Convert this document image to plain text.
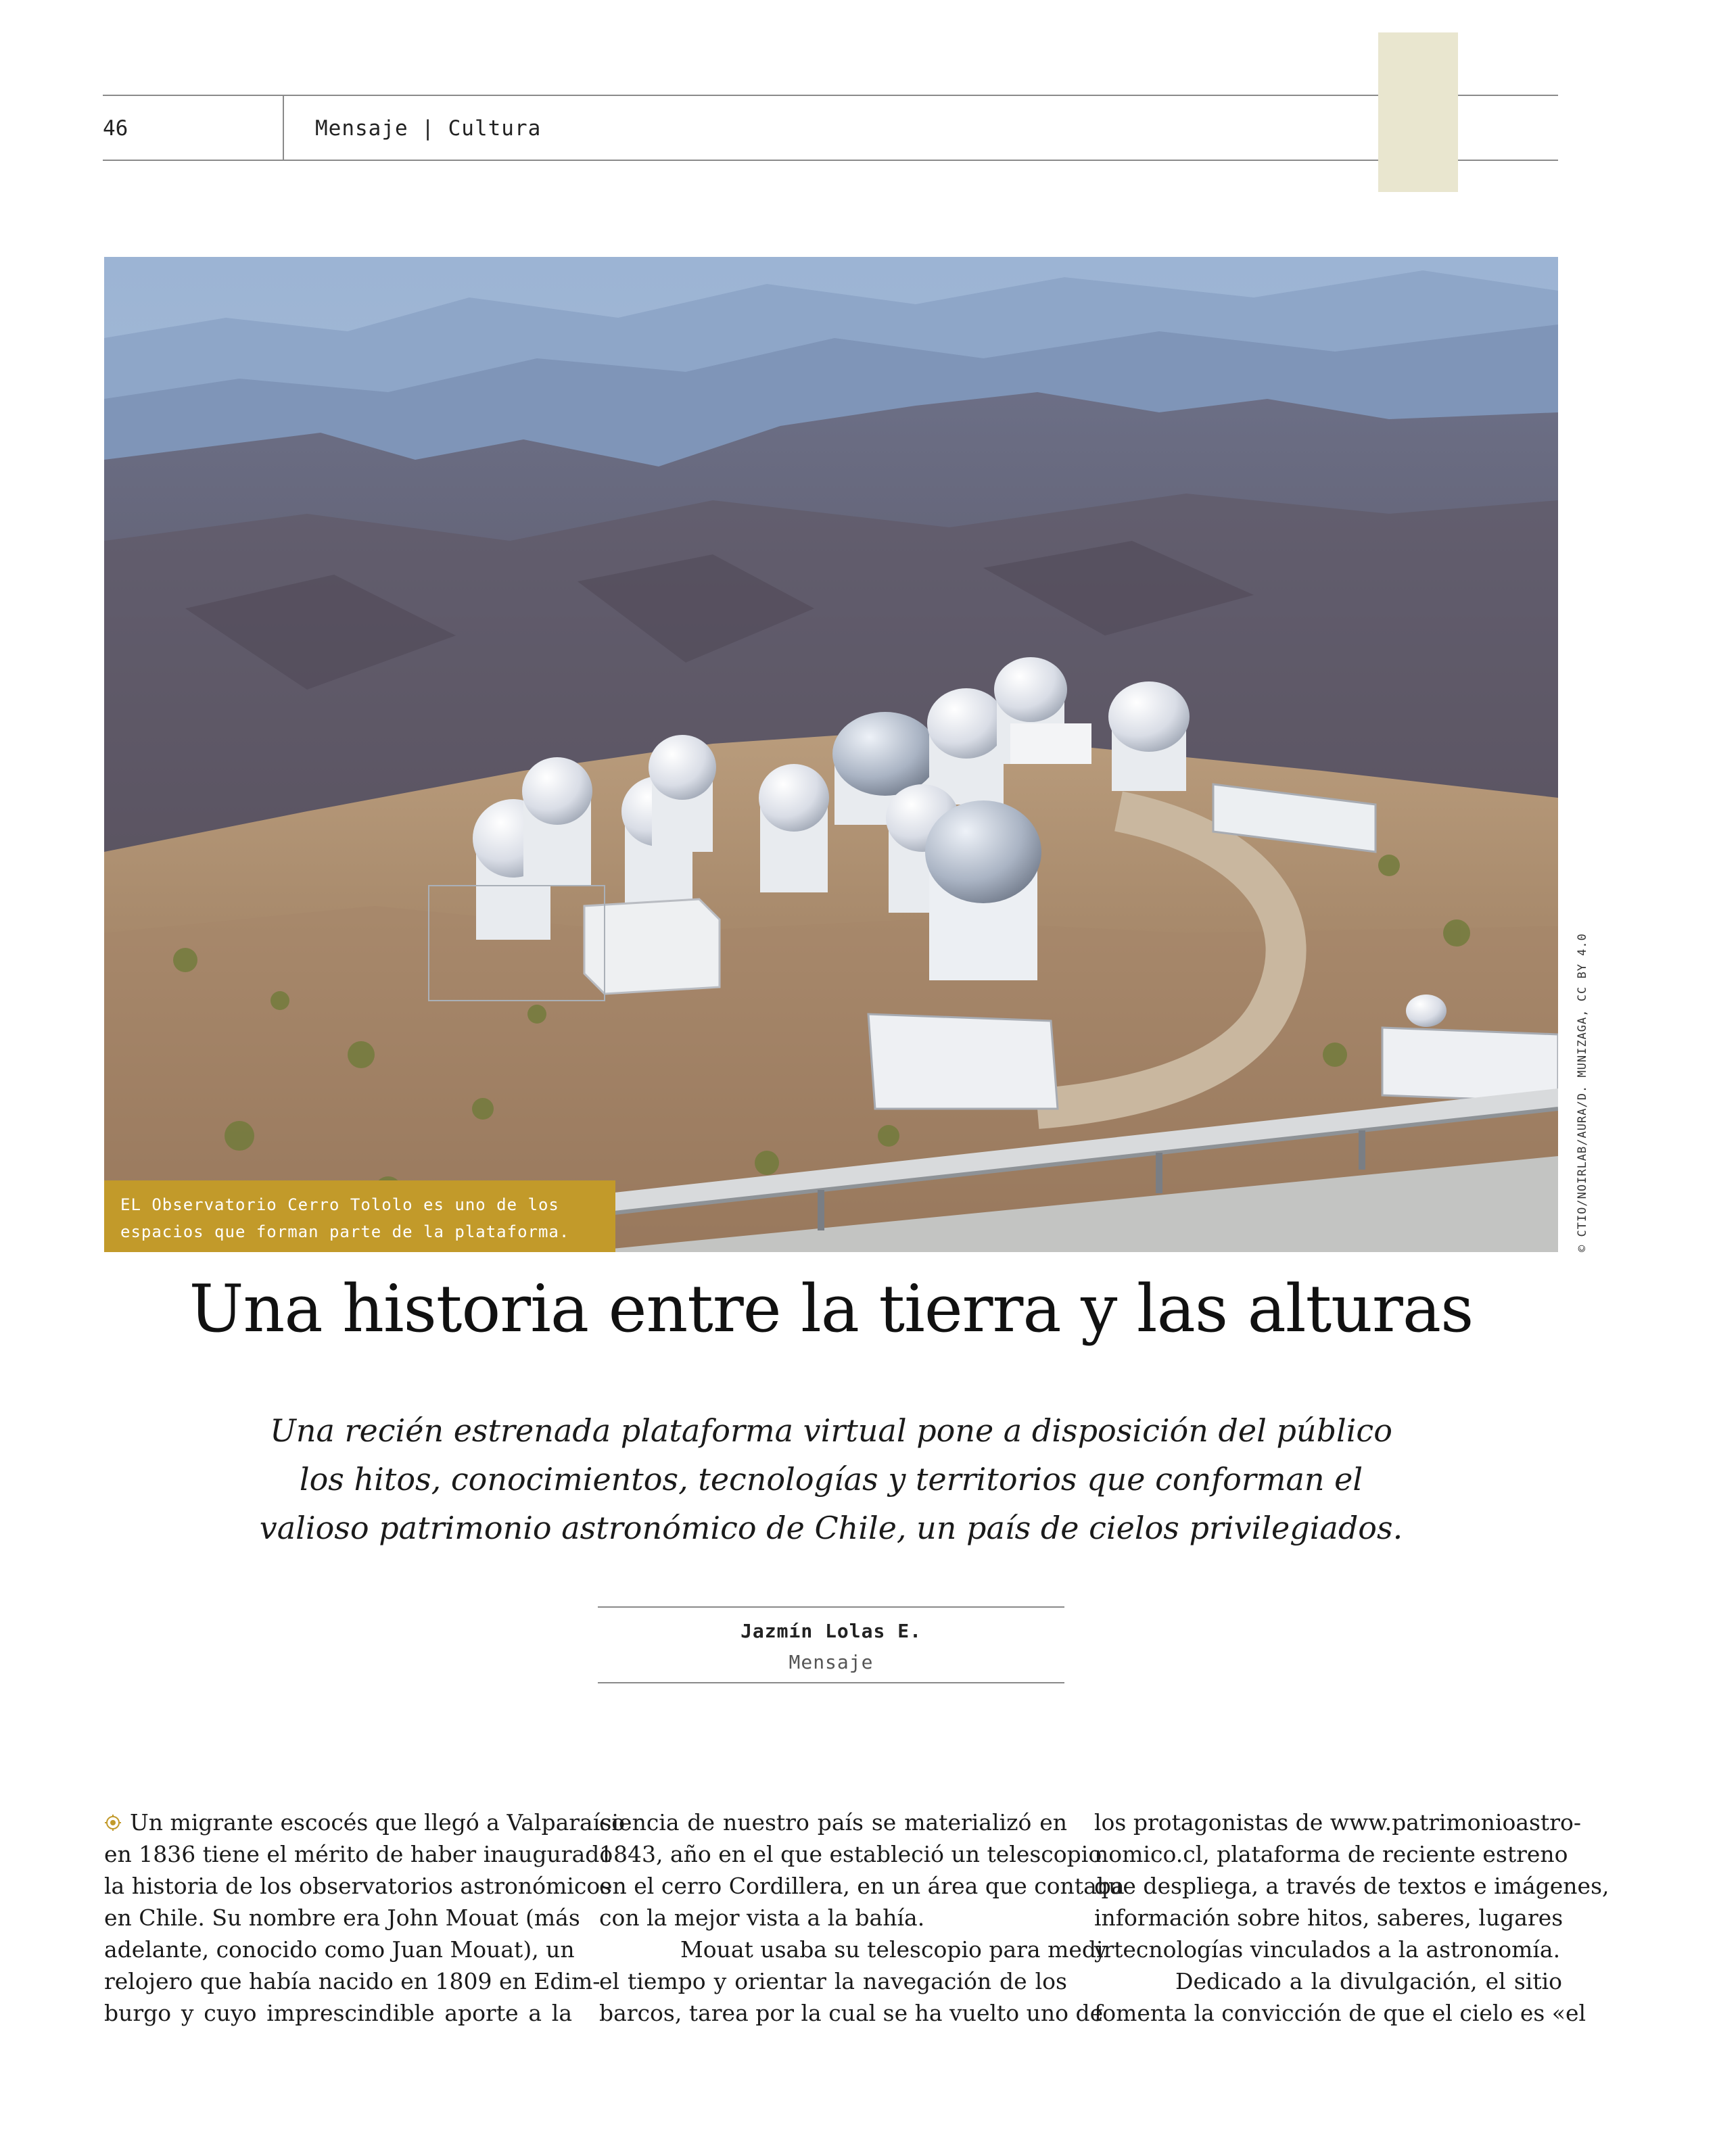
46	Mensaje | Cultura
EL Observatorio Cerro Tololo es uno de los
espacios que forman parte de la plataforma.	© CTIO/NOIRLAB/AURA/D. MUNIZAGA, CC BY 4.0
Una historia entre la tierra y las alturas
Una recién estrenada plataforma virtual pone a disposición del público
los hitos, conocimientos, tecnologías y territorios que conforman el
valioso patrimonio astronómico de Chile, un país de cielos privilegiados.
Jazmín Lolas E.
Mensaje
Un migrante escocés que llegó a Valparaíso
en 1836 tiene el mérito de haber inaugurado
la historia de los observatorios astronómicos
en Chile. Su nombre era John Mouat (más
adelante, conocido como Juan Mouat), un
relojero que había nacido en 1809 en Edim-
burgo y cuyo imprescindible aporte a la
ciencia de nuestro país se materializó en
1843, año en el que estableció un telescopio
en el cerro Cordillera, en un área que contaba
con la mejor vista a la bahía.
Mouat usaba su telescopio para medir
el tiempo y orientar la navegación de los
barcos, tarea por la cual se ha vuelto uno de
los protagonistas de www.patrimonioastro-
nomico.cl, plataforma de reciente estreno
que despliega, a través de textos e imágenes,
información sobre hitos, saberes, lugares
y tecnologías vinculados a la astronomía.
Dedicado a la divulgación, el sitio
fomenta la convicción de que el cielo es «el
